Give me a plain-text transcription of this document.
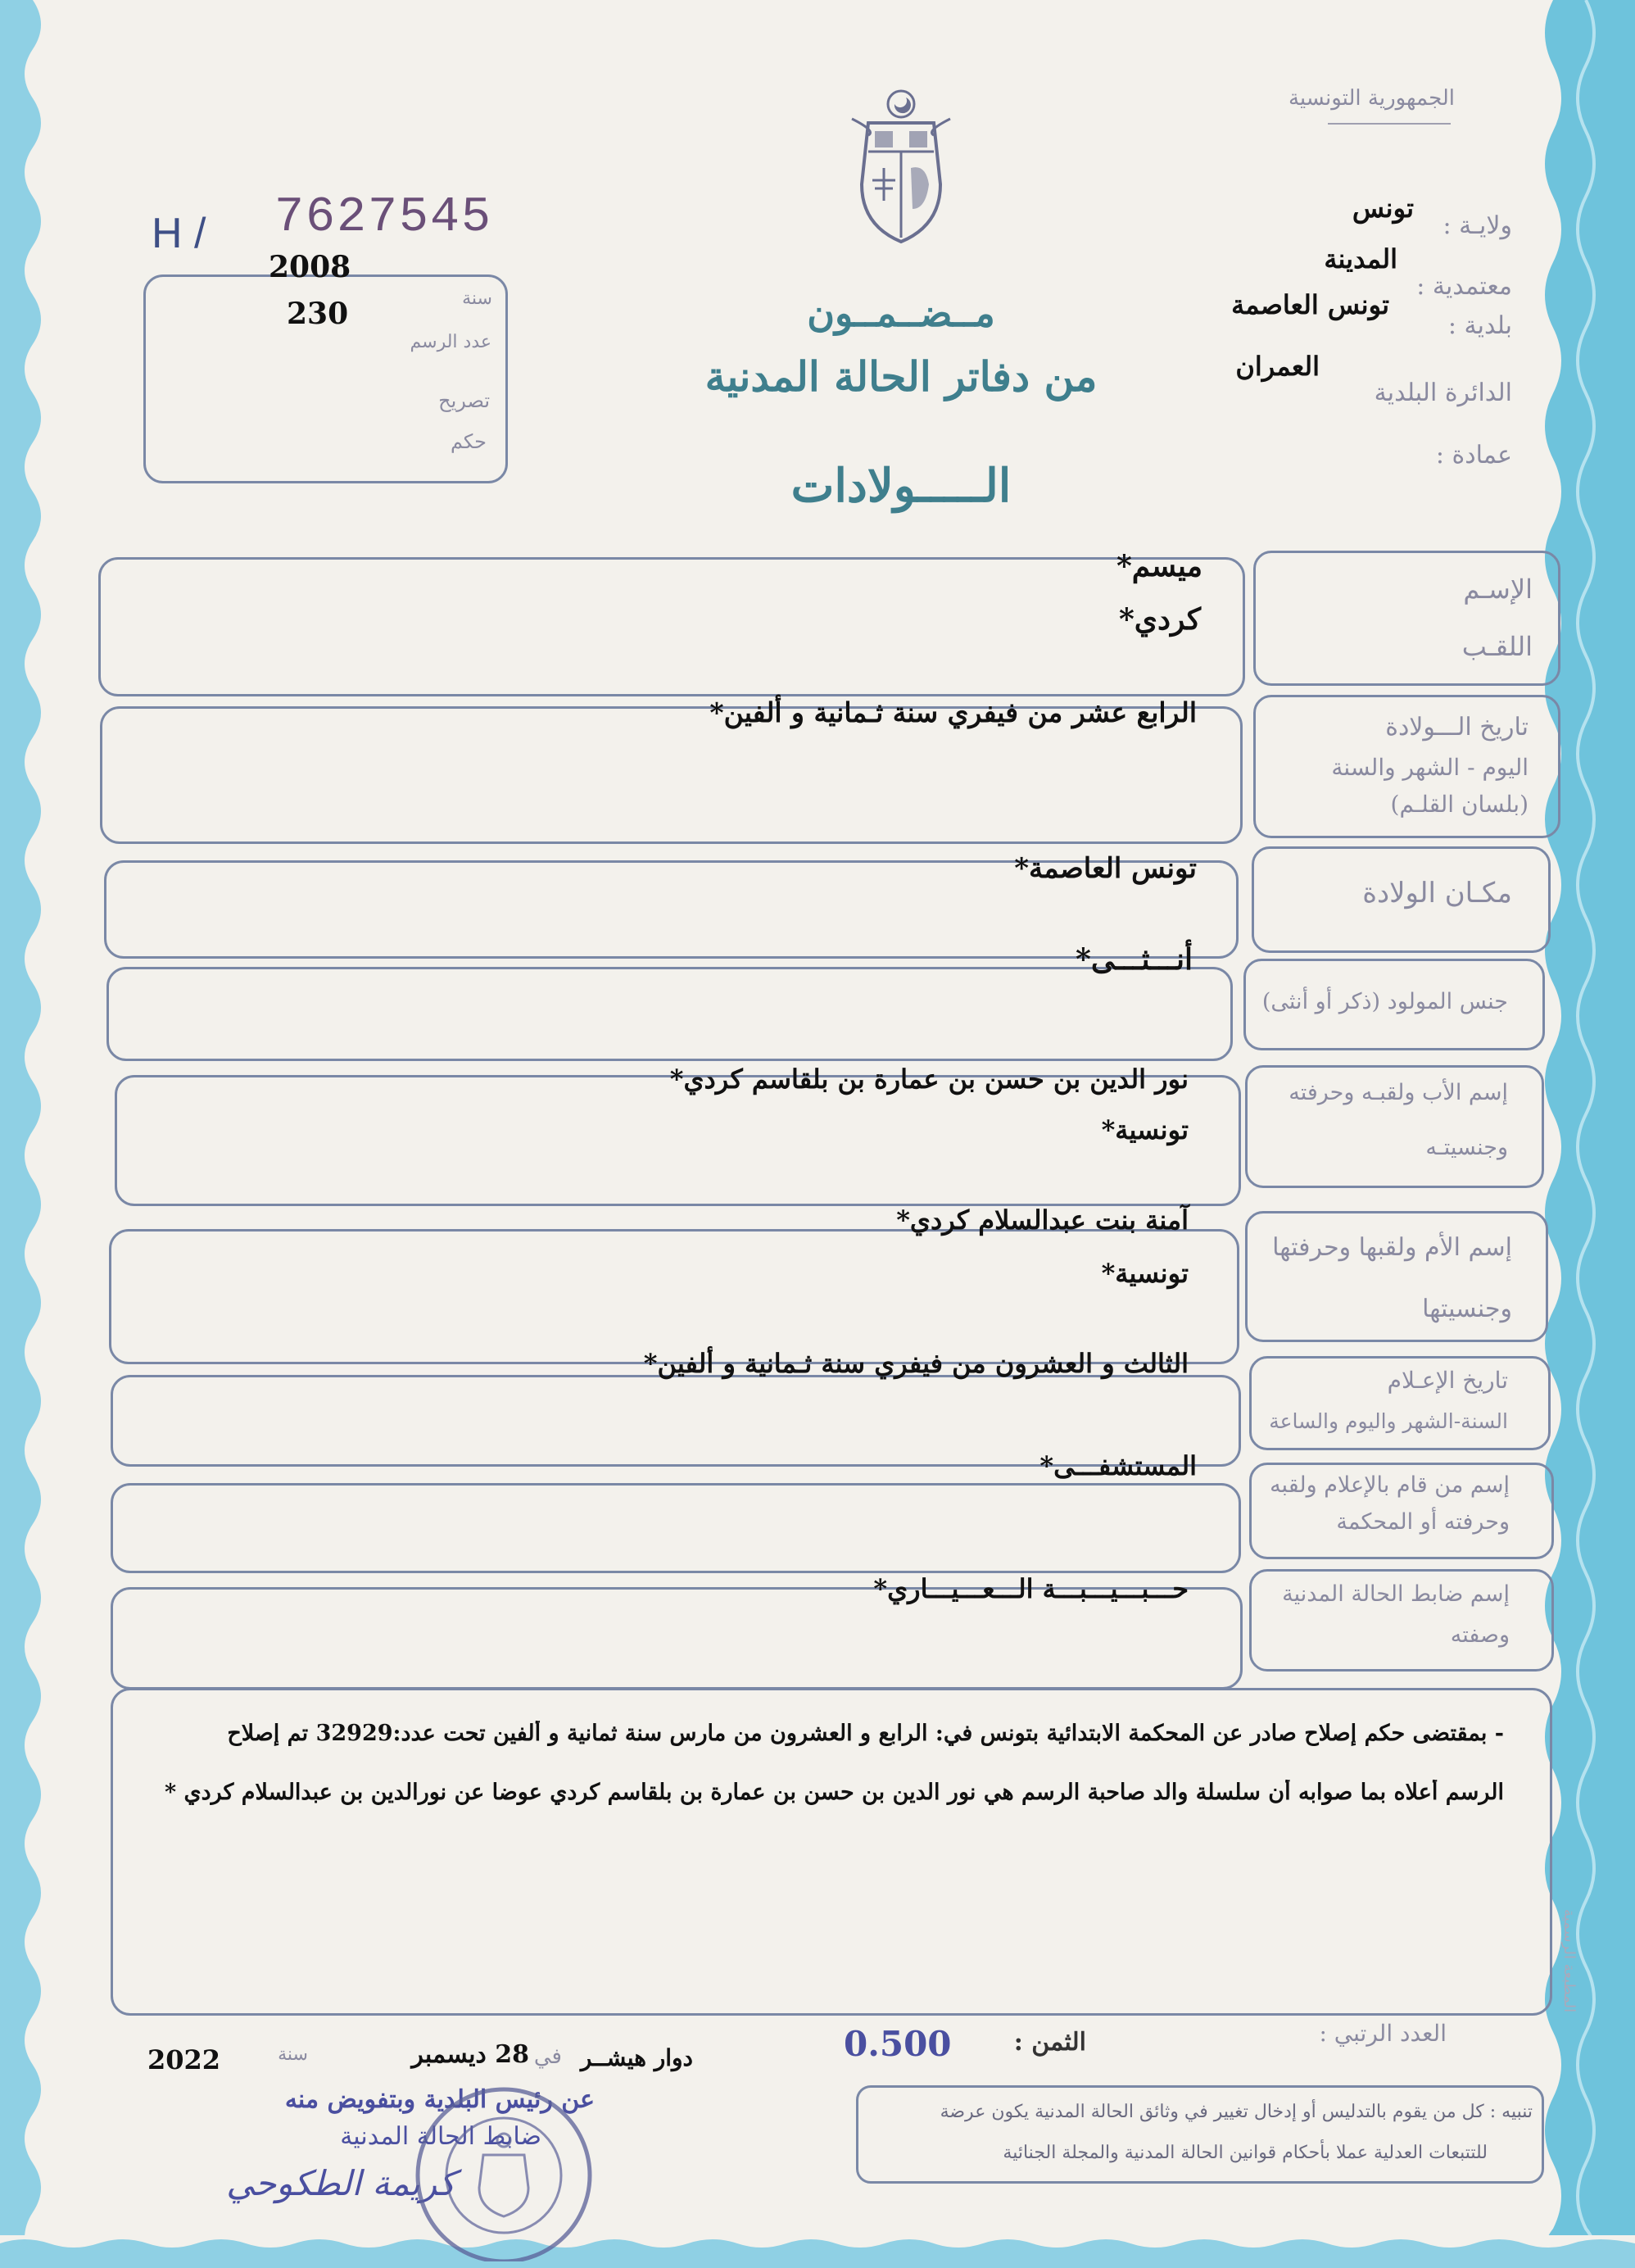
الجمهورية التونسية
H / 7627545
2008
230	سنة
عدد الرسم
تصريح
حكم
مــضــمــون
من دفاتر الحالة المدنية
الـــــولادات
ولايـة :
تونس
معتمدية :
المدينة
بلدية :
تونس العاصمة
الدائرة البلدية
العمران
عمادة :
الإسـم
اللقـب
ميسم*
كردي*
تاريخ الـــولادة
اليوم - الشهر والسنة
(بلسان القلـم)
الرابع عشر من فيفري سنة ثـمانية و ألفين*
مكـان الولادة
تونس العاصمة*
جنس المولود (ذكر أو أنثى)
أنـــثـــى*
إسم الأب ولقبـه وحرفته
وجنسيتـه
نور الدين بن حسن بن عمارة بن بلقاسم كردي*
تونسية*
إسم الأم ولقبها وحرفتها
وجنسيتها
آمنة بنت عبدالسلام كردي*
تونسية*
تاريخ الإعـلام
السنة-الشهر واليوم والساعة
الثالث و العشرون من فيفري سنة ثـمانية و ألفين*
إسم من قام بالإعلام ولقبه
وحرفته أو المحكمة
المستشفـــى*
إسم ضابط الحالة المدنية
وصفته
حـــبـــيـــبـــة الـــعـــيـــاري*
- بمقتضى حكم إصلاح صادر عن المحكمة الابتدائية بتونس في: الرابع و العشرون من مارس سنة ثمانية و ألفين تحت عدد:32929 تم إصلاح
الرسم أعلاه بما صوابه أن سلسلة والد صاحبة الرسم هي نور الدين بن حسن بن عمارة بن بلقاسم كردي عوضا عن نورالدين بن عبدالسلام كردي *
المطبعة الرسمية
العدد الرتبي :
الثمن :
0.500
دوار هيشــر
في
28 ديسمبر
سنة
2022
عن رئيس البلدية وبتفويض منه
ضابط الحالة المدنية
كريمة الطكوحي
تنبيه : كل من يقوم بالتدليس أو إدخال تغيير في وثائق الحالة المدنية يكون عرضة
للتتبعات العدلية عملا بأحكام قوانين الحالة المدنية والمجلة الجنائية
